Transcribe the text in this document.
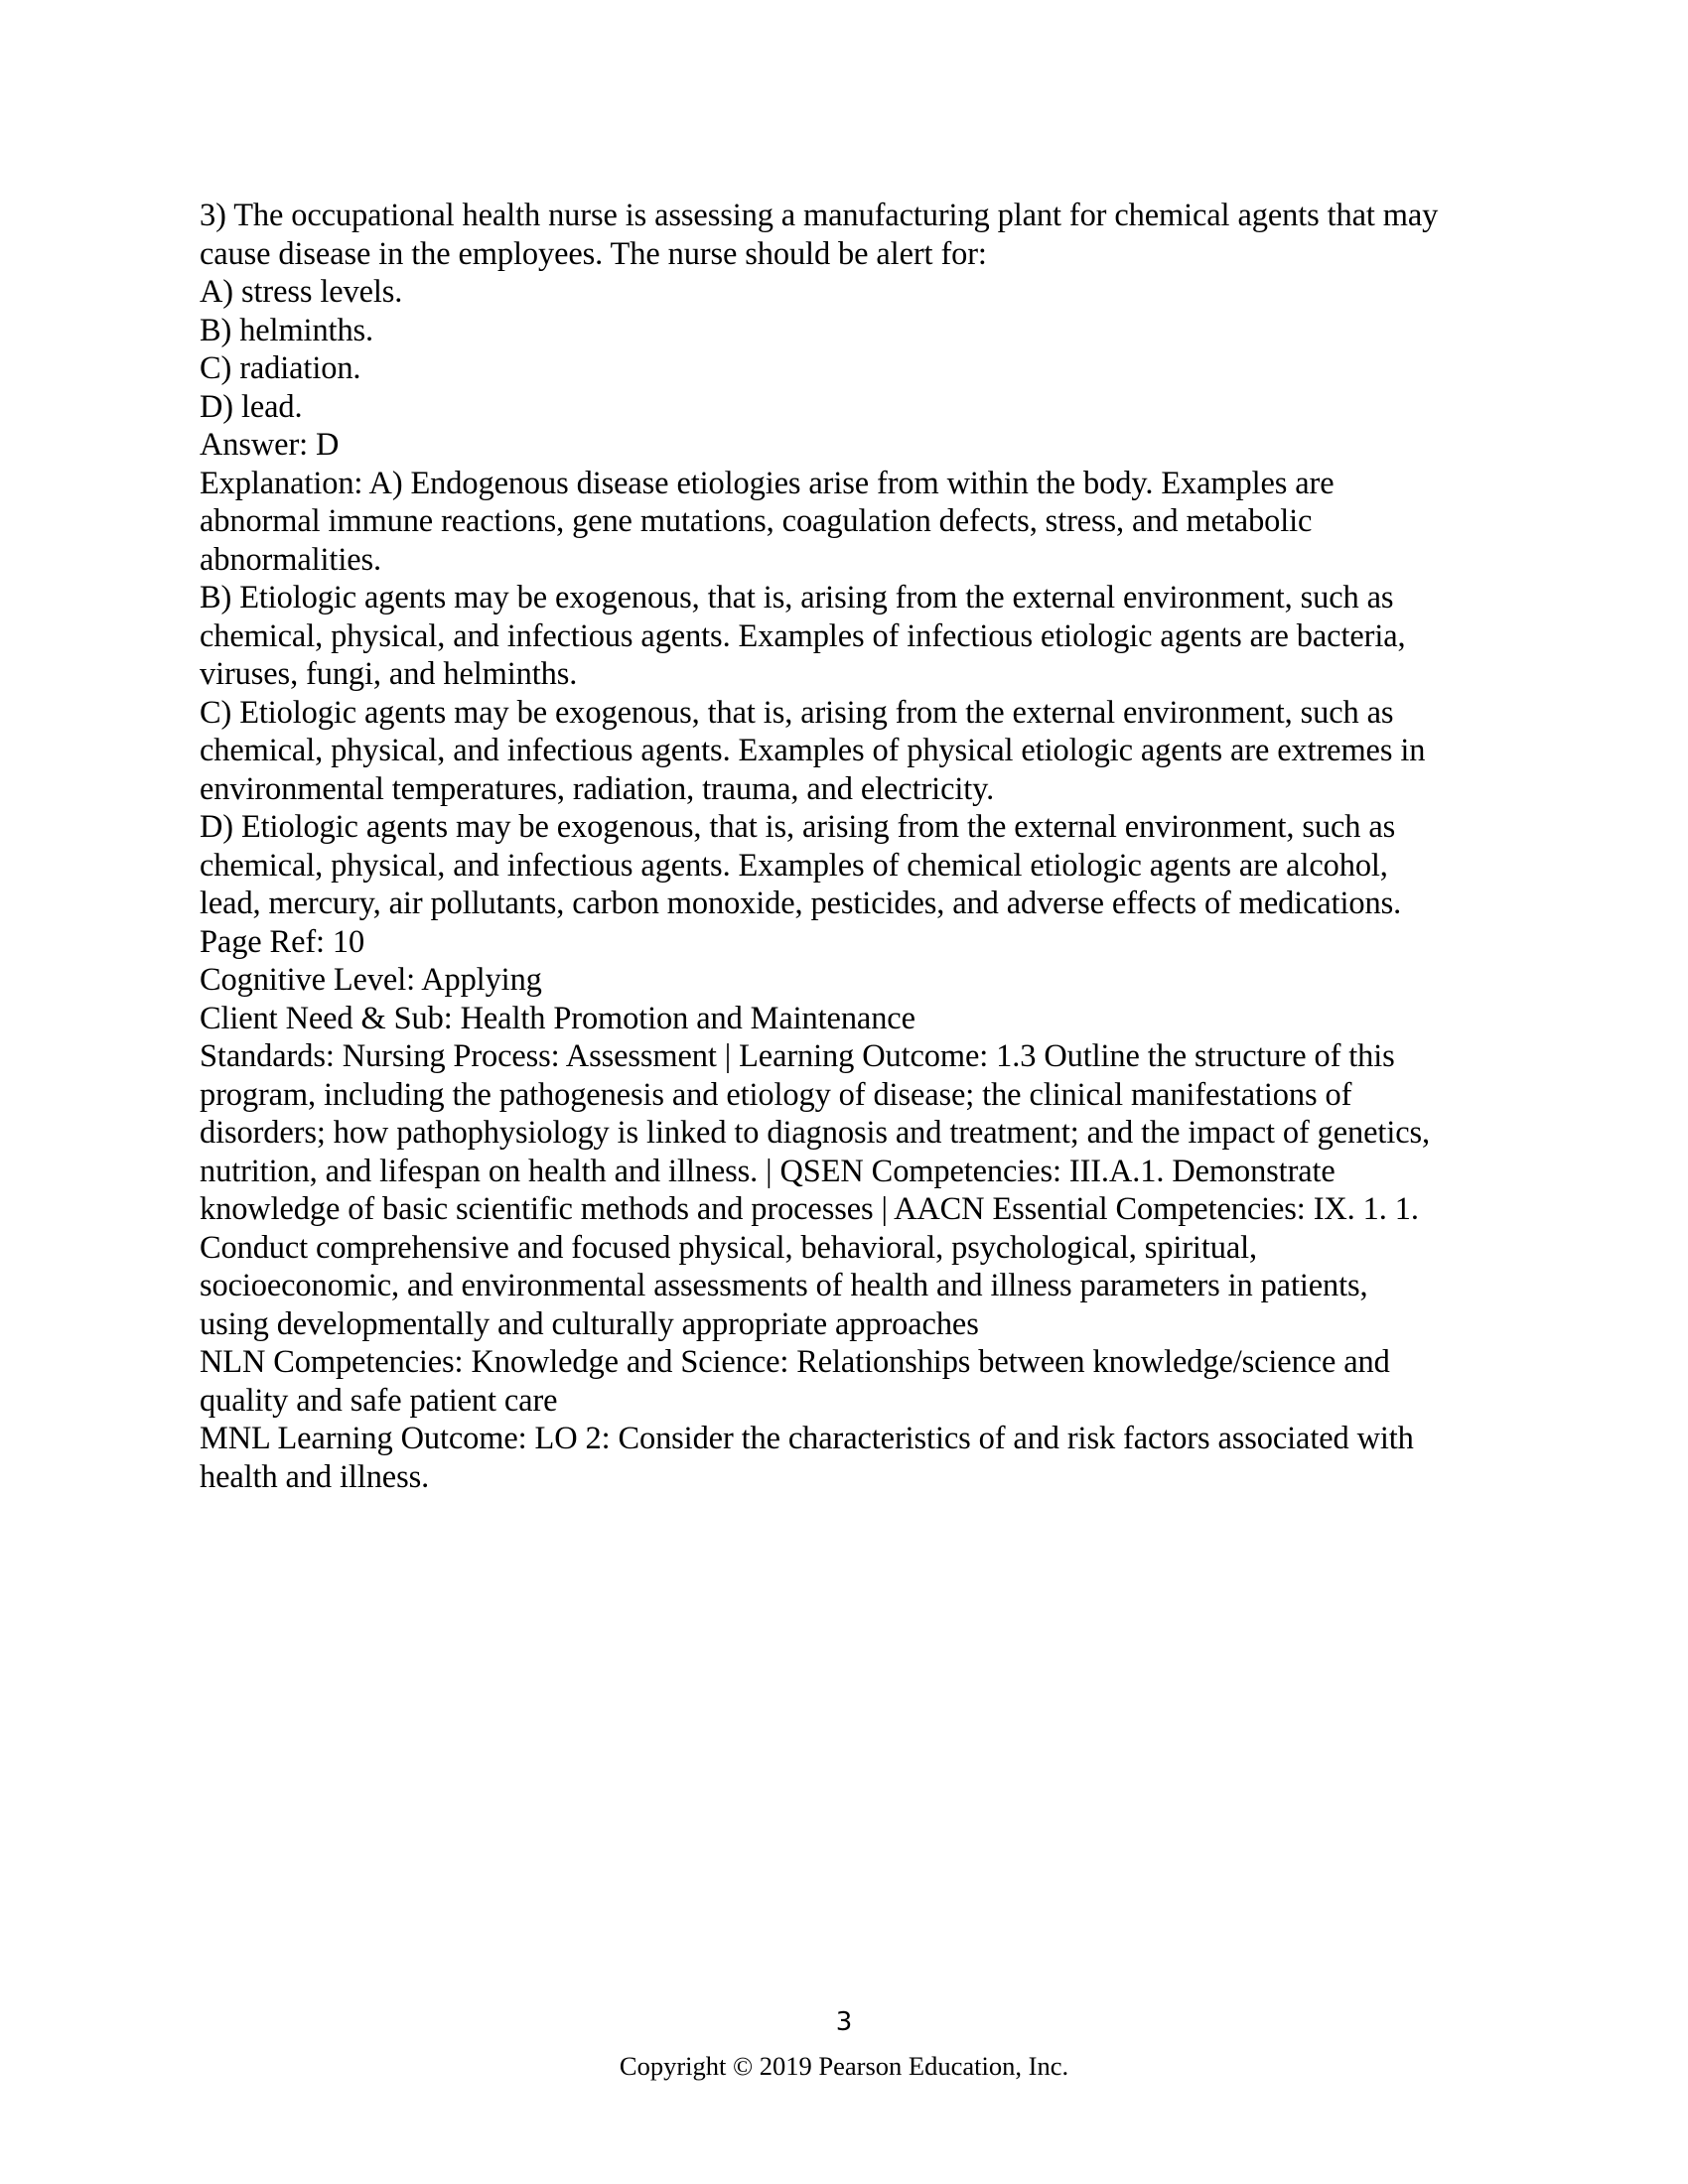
3) The occupational health nurse is assessing a manufacturing plant for chemical agents that may
cause disease in the employees. The nurse should be alert for:
A) stress levels.
B) helminths.
C) radiation.
D) lead.
Answer: D
Explanation: A) Endogenous disease etiologies arise from within the body. Examples are
abnormal immune reactions, gene mutations, coagulation defects, stress, and metabolic
abnormalities.
B) Etiologic agents may be exogenous, that is, arising from the external environment, such as
chemical, physical, and infectious agents. Examples of infectious etiologic agents are bacteria,
viruses, fungi, and helminths.
C) Etiologic agents may be exogenous, that is, arising from the external environment, such as
chemical, physical, and infectious agents. Examples of physical etiologic agents are extremes in
environmental temperatures, radiation, trauma, and electricity.
D) Etiologic agents may be exogenous, that is, arising from the external environment, such as
chemical, physical, and infectious agents. Examples of chemical etiologic agents are alcohol,
lead, mercury, air pollutants, carbon monoxide, pesticides, and adverse effects of medications.
Page Ref: 10
Cognitive Level: Applying
Client Need & Sub: Health Promotion and Maintenance
Standards: Nursing Process: Assessment | Learning Outcome: 1.3 Outline the structure of this
program, including the pathogenesis and etiology of disease; the clinical manifestations of
disorders; how pathophysiology is linked to diagnosis and treatment; and the impact of genetics,
nutrition, and lifespan on health and illness. | QSEN Competencies: III.A.1. Demonstrate
knowledge of basic scientific methods and processes | AACN Essential Competencies: IX. 1. 1.
Conduct comprehensive and focused physical, behavioral, psychological, spiritual,
socioeconomic, and environmental assessments of health and illness parameters in patients,
using developmentally and culturally appropriate approaches
NLN Competencies: Knowledge and Science: Relationships between knowledge/science and
quality and safe patient care
MNL Learning Outcome: LO 2: Consider the characteristics of and risk factors associated with
health and illness.
3
Copyright © 2019 Pearson Education, Inc.
